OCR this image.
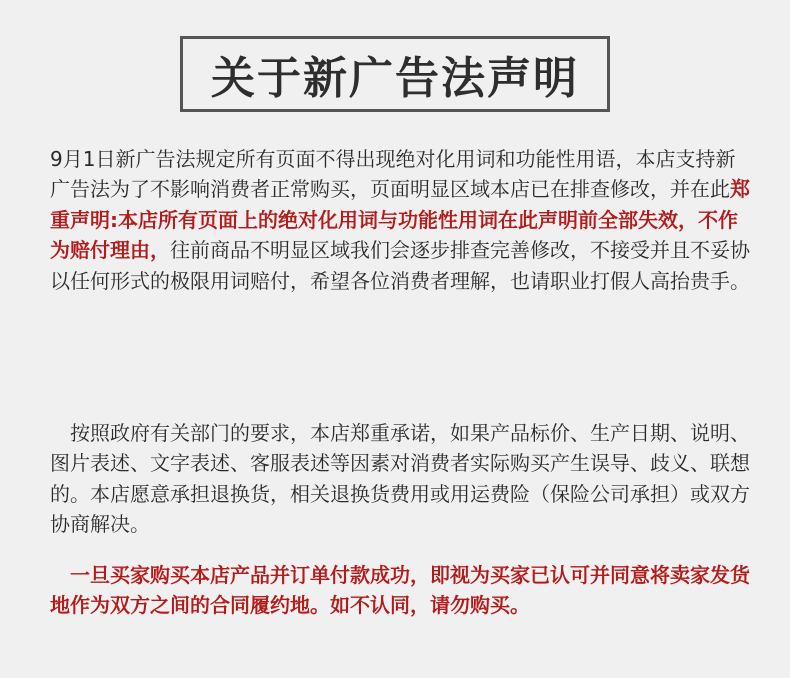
关于新广告法声明

9月1日新广告法规定所有页面不得出现绝对化用词和功能性用语，本店支持新广告法为了不影响消费者正常购买，页面明显区域本店已在排查修改，并在此郑重声明:本店所有页面上的绝对化用词与功能性用词在此声明前全部失效，不作为赔付理由，往前商品不明显区域我们会逐步排查完善修改，不接受并且不妥协以任何形式的极限用词赔付，希望各位消费者理解，也请职业打假人高抬贵手。

按照政府有关部门的要求，本店郑重承诺，如果产品标价、生产日期、说明、图片表述、文字表述、客服表述等因素对消费者实际购买产生误导、歧义、联想的。本店愿意承担退换货，相关退换货费用或用运费险（保险公司承担）或双方协商解决。

一旦买家购买本店产品并订单付款成功，即视为买家已认可并同意将卖家发货地作为双方之间的合同履约地。如不认同，请勿购买。
